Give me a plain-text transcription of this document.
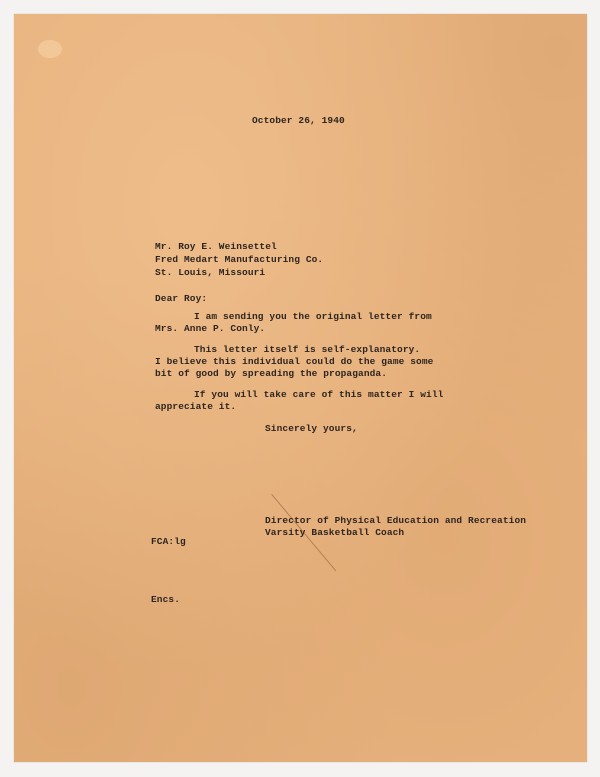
October 26, 1940

Mr. Roy E. Weinsettel

Fred Medart Manufacturing Co.

St. Louis, Missouri

Dear Roy:

I am sending you the original letter from

Mrs. Anne P. Conly.

This letter itself is self-explanatory.

I believe this individual could do the game some

bit of good by spreading the propaganda.

If you will take care of this matter I will

appreciate it.

Sincerely yours,

Director of Physical Education and Recreation

Varsity Basketball Coach

FCA:lg

Encs.
